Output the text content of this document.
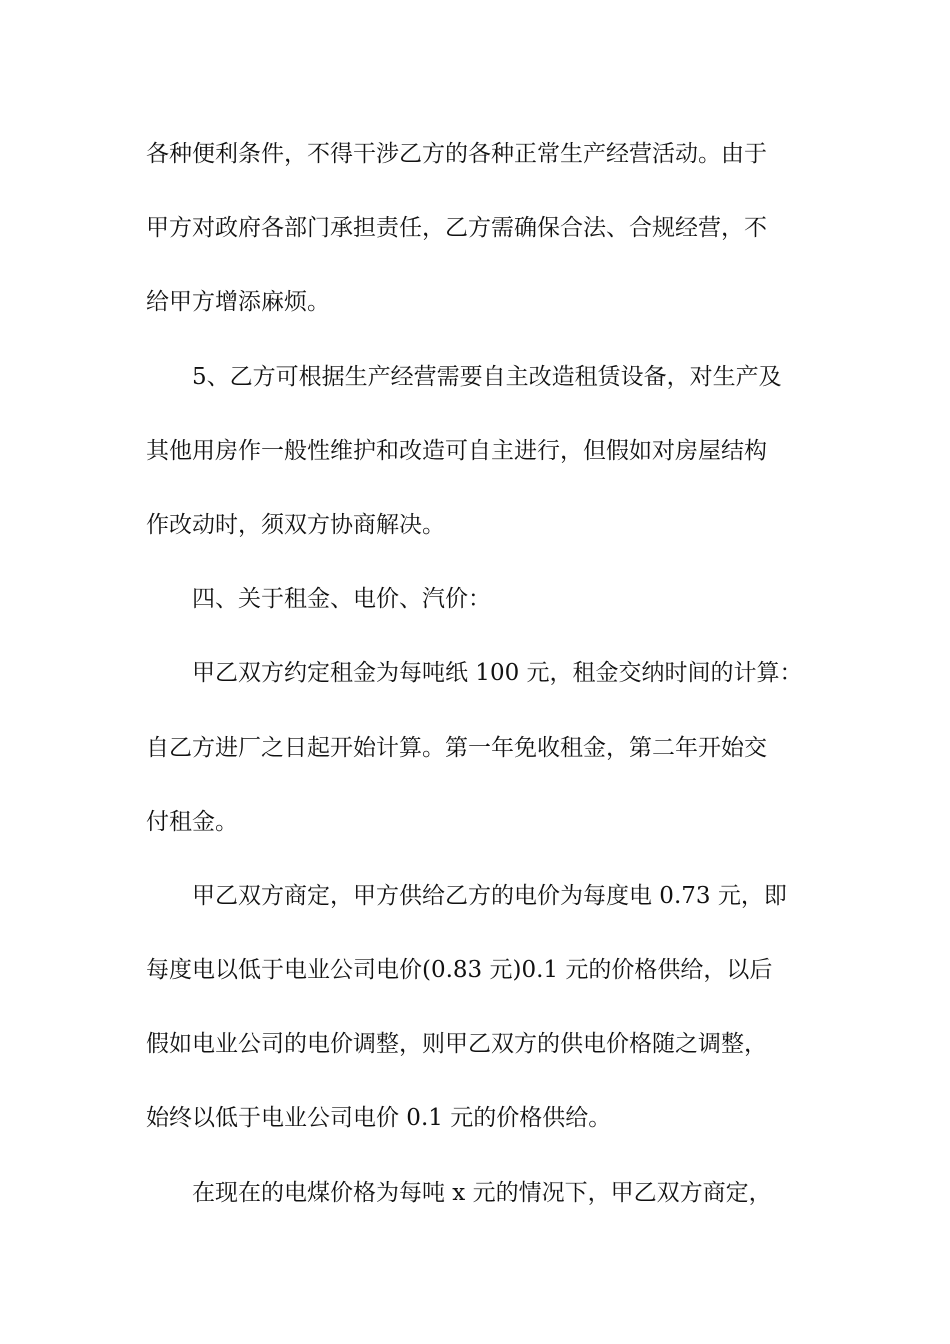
各种便利条件，不得干涉乙方的各种正常生产经营活动。由于
甲方对政府各部门承担责任，乙方需确保合法、合规经营，不
给甲方增添麻烦。
5、乙方可根据生产经营需要自主改造租赁设备，对生产及
其他用房作一般性维护和改造可自主进行，但假如对房屋结构
作改动时，须双方协商解决。
四、关于租金、电价、汽价：
甲乙双方约定租金为每吨纸 100 元，租金交纳时间的计算：
自乙方进厂之日起开始计算。第一年免收租金，第二年开始交
付租金。
甲乙双方商定，甲方供给乙方的电价为每度电 0.73 元，即
每度电以低于电业公司电价(0.83 元)0.1 元的价格供给，以后
假如电业公司的电价调整，则甲乙双方的供电价格随之调整，
始终以低于电业公司电价 0.1 元的价格供给。
在现在的电煤价格为每吨 x 元的情况下，甲乙双方商定，
